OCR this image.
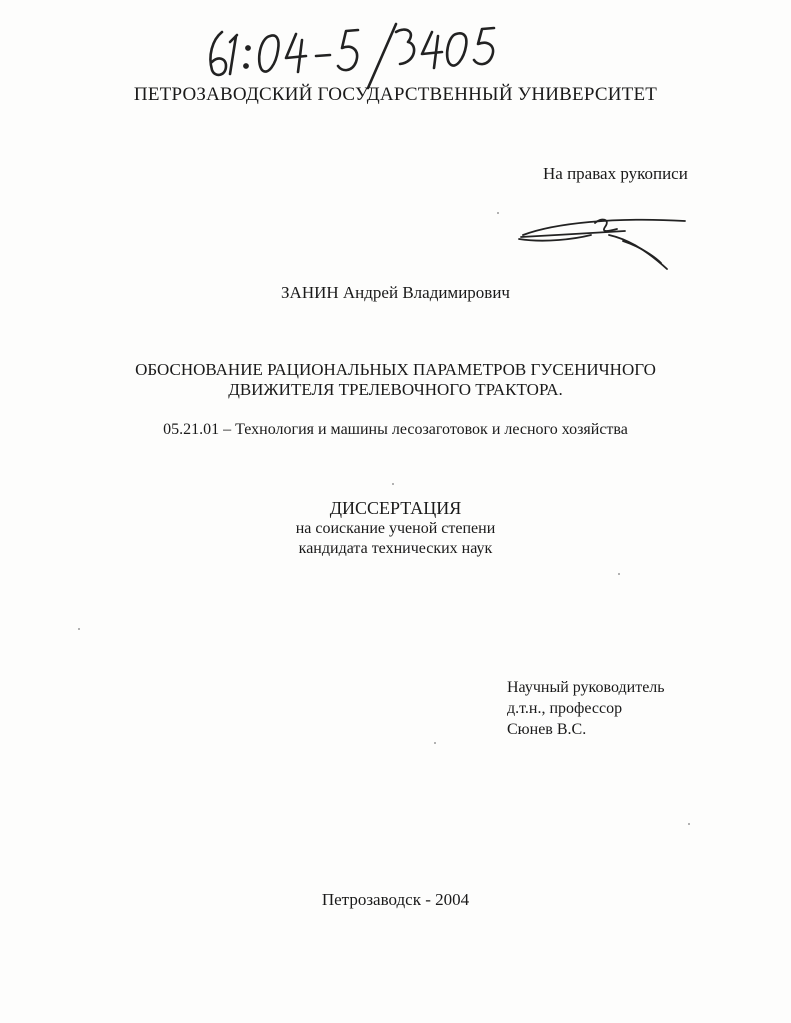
ПЕТРОЗАВОДСКИЙ ГОСУДАРСТВЕННЫЙ УНИВЕРСИТЕТ
На правах рукописи
ЗАНИН Андрей Владимирович
ОБОСНОВАНИЕ РАЦИОНАЛЬНЫХ ПАРАМЕТРОВ ГУСЕНИЧНОГО
ДВИЖИТЕЛЯ ТРЕЛЕВОЧНОГО ТРАКТОРА.
05.21.01 – Технология и машины лесозаготовок и лесного хозяйства
ДИССЕРТАЦИЯ
на соискание ученой степени
кандидата технических наук
Научный руководитель
д.т.н., профессор
Сюнев В.С.
Петрозаводск - 2004
